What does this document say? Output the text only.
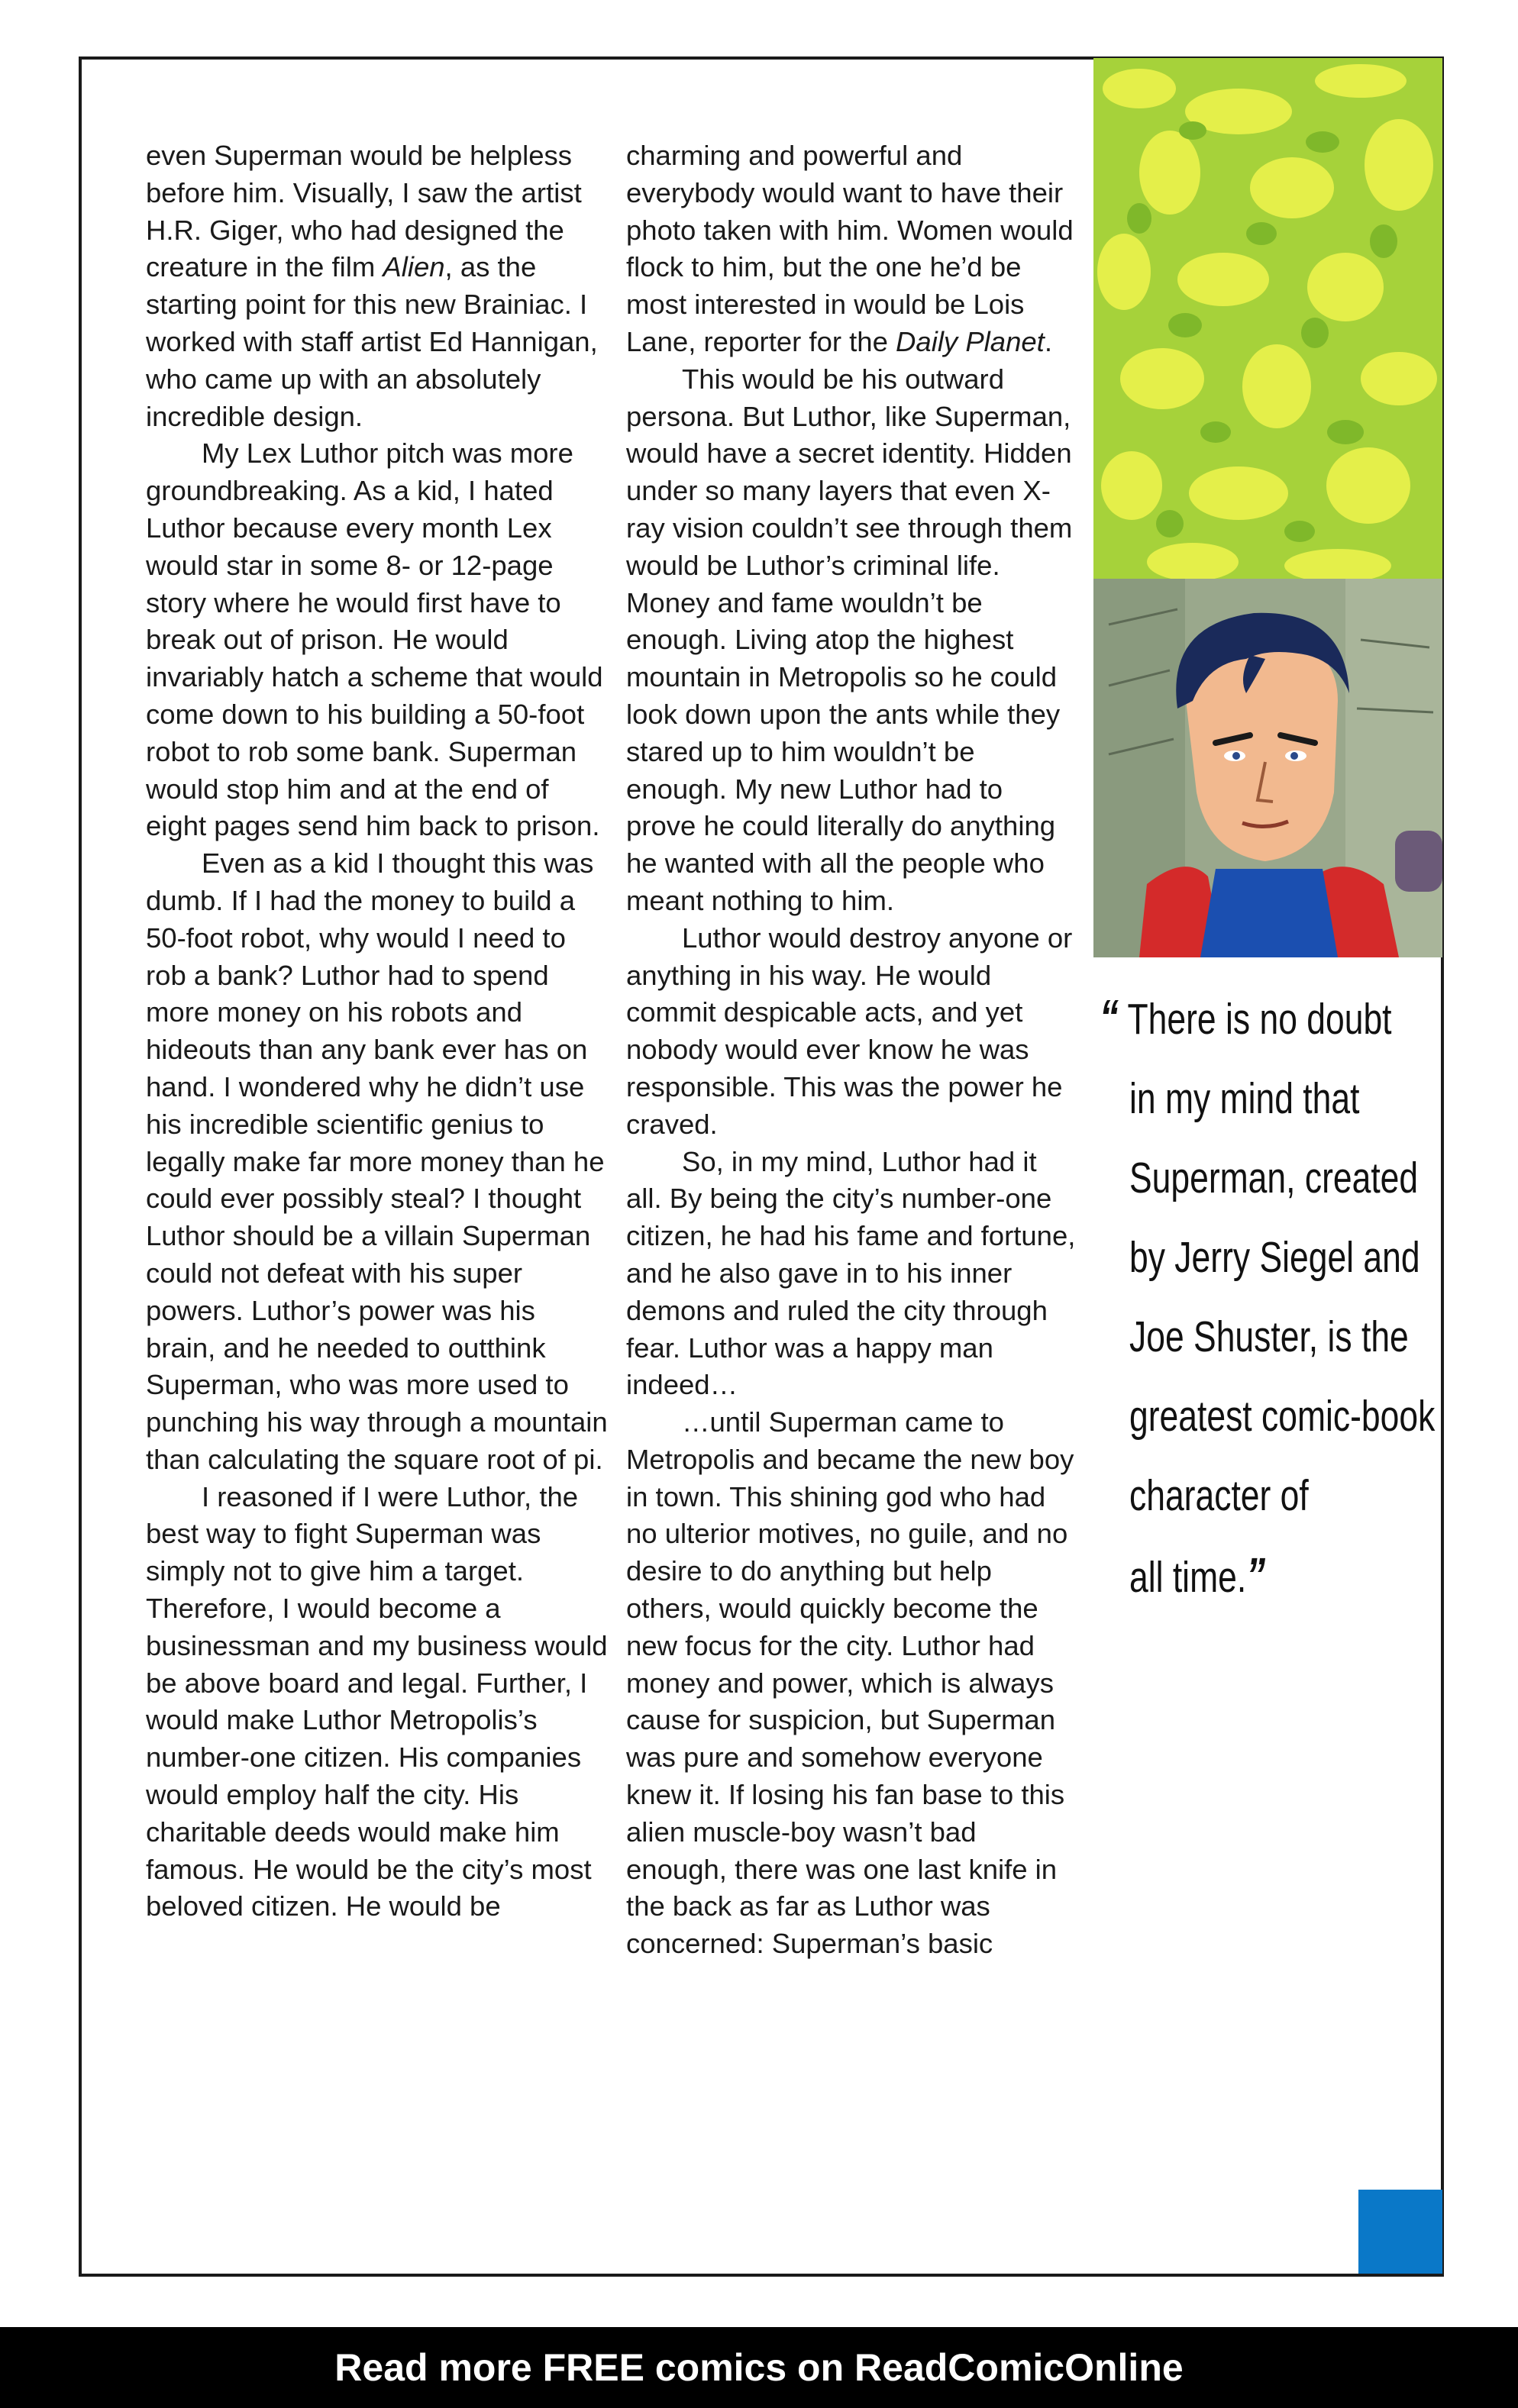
even Superman would be helpless before him. Visually, I saw the artist H.R. Giger, who had designed the creature in the film Alien, as the starting point for this new Brainiac. I worked with staff artist Ed Hannigan, who came up with an absolutely incredible design.

My Lex Luthor pitch was more groundbreaking. As a kid, I hated Luthor because every month Lex would star in some 8- or 12-page story where he would first have to break out of prison. He would invariably hatch a scheme that would come down to his building a 50-foot robot to rob some bank. Superman would stop him and at the end of eight pages send him back to prison.

Even as a kid I thought this was dumb. If I had the money to build a 50-foot robot, why would I need to rob a bank? Luthor had to spend more money on his robots and hideouts than any bank ever has on hand. I wondered why he didn’t use his incredible scientific genius to legally make far more money than he could ever possibly steal? I thought Luthor should be a villain Superman could not defeat with his super powers. Luthor’s power was his brain, and he needed to outthink Superman, who was more used to punching his way through a mountain than calculating the square root of pi.

I reasoned if I were Luthor, the best way to fight Superman was simply not to give him a target. Therefore, I would become a businessman and my business would be above board and legal. Further, I would make Luthor Metropolis’s number-one citizen. His companies would employ half the city. His charitable deeds would make him famous. He would be the city’s most beloved citizen. He would be

charming and powerful and everybody would want to have their photo taken with him. Women would flock to him, but the one he’d be most interested in would be Lois Lane, reporter for the Daily Planet.

This would be his outward persona. But Luthor, like Superman, would have a secret identity. Hidden under so many layers that even X-ray vision couldn’t see through them would be Luthor’s criminal life. Money and fame wouldn’t be enough. Living atop the highest mountain in Metropolis so he could look down upon the ants while they stared up to him wouldn’t be enough. My new Luthor had to prove he could literally do anything he wanted with all the people who meant nothing to him.

Luthor would destroy anyone or anything in his way. He would commit despicable acts, and yet nobody would ever know he was responsible. This was the power he craved.

So, in my mind, Luthor had it all. By being the city’s number-one citizen, he had his fame and fortune, and he also gave in to his inner demons and ruled the city through fear. Luthor was a happy man indeed…

…until Superman came to Metropolis and became the new boy in town. This shining god who had no ulterior motives, no guile, and no desire to do anything but help others, would quickly become the new focus for the city. Luthor had money and power, which is always cause for suspicion, but Superman was pure and somehow everyone knew it. If losing his fan base to this alien muscle-boy wasn’t bad enough, there was one last knife in the back as far as Luthor was concerned: Superman’s basic

“ There is no doubt
in my mind that
Superman, created
by Jerry Siegel and
Joe Shuster, is the
greatest comic-book
character of
all time.”
Read more FREE comics on ReadComicOnline
